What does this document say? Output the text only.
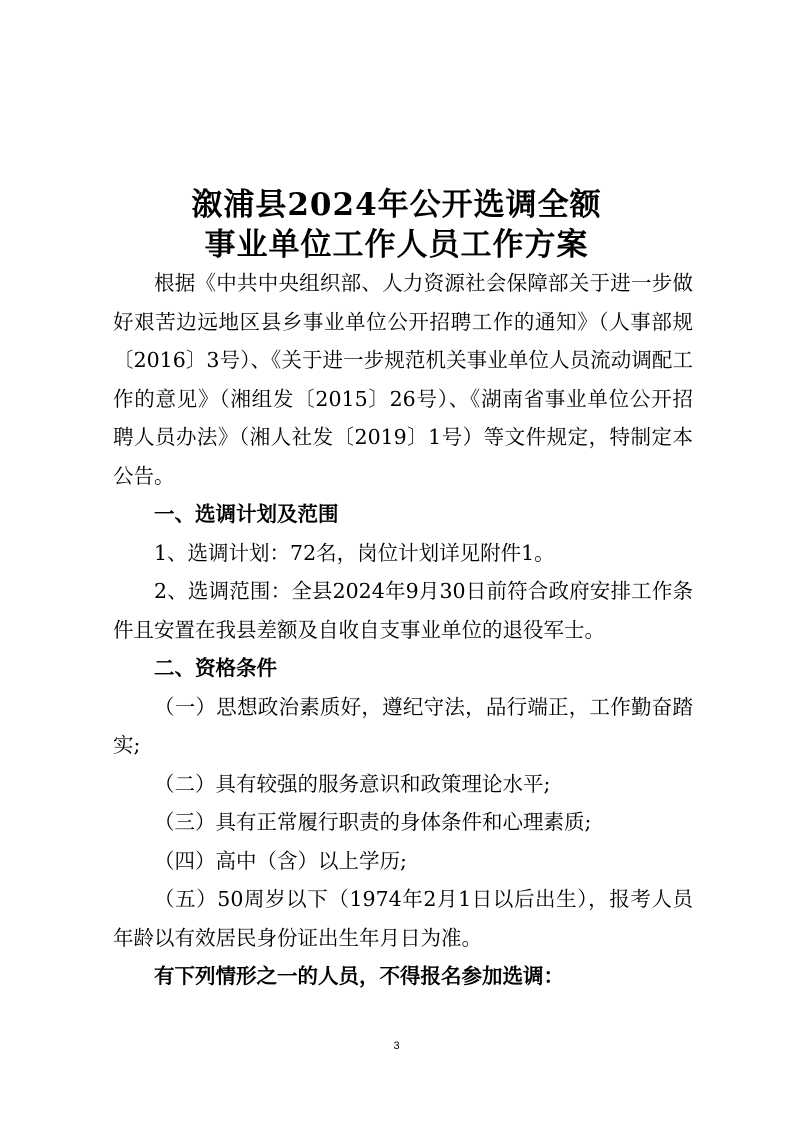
溆浦县2024年公开选调全额
事业单位工作人员工作方案

根据《中共中央组织部、人力资源社会保障部关于进一步做好艰苦边远地区县乡事业单位公开招聘工作的通知》（人事部规〔2016〕3号）、《关于进一步规范机关事业单位人员流动调配工作的意见》（湘组发〔2015〕26号）、《湖南省事业单位公开招聘人员办法》（湘人社发〔2019〕1号）等文件规定，特制定本公告。

一、选调计划及范围

1、选调计划：72名，岗位计划详见附件1。

2、选调范围：全县2024年9月30日前符合政府安排工作条件且安置在我县差额及自收自支事业单位的退役军士。

二、资格条件

（一）思想政治素质好，遵纪守法，品行端正，工作勤奋踏实;

（二）具有较强的服务意识和政策理论水平;

（三）具有正常履行职责的身体条件和心理素质;

（四）高中（含）以上学历;

（五）50周岁以下（1974年2月1日以后出生），报考人员年龄以有效居民身份证出生年月日为准。

有下列情形之一的人员，不得报名参加选调：

3
